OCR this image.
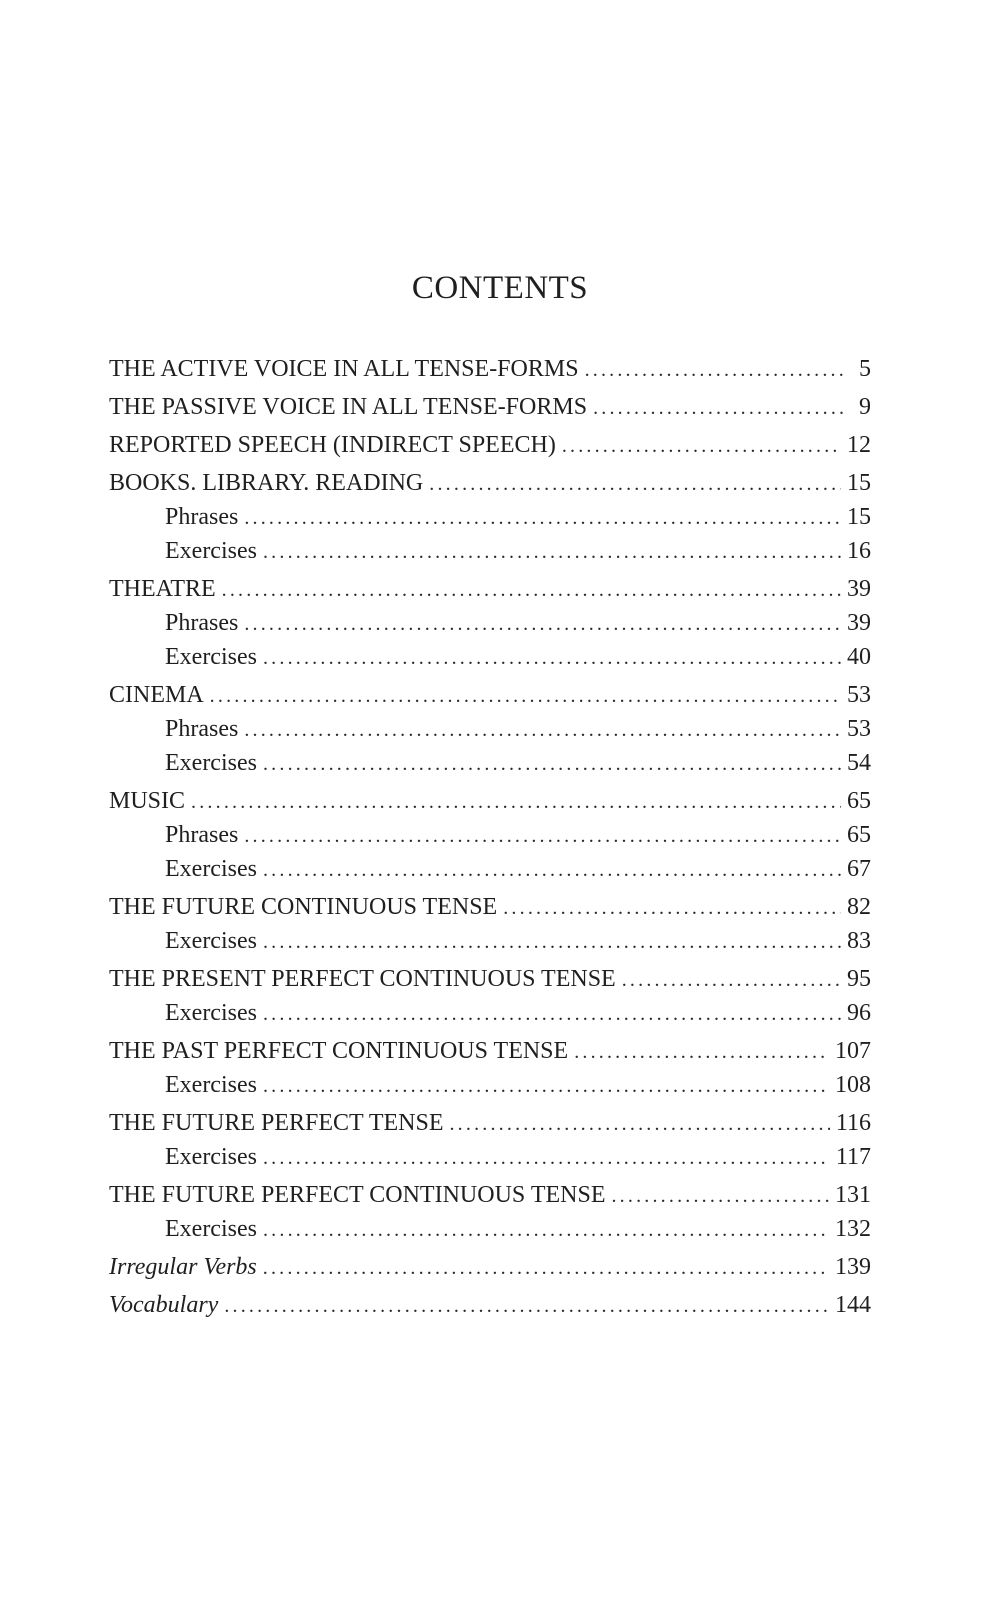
CONTENTS
THE ACTIVE VOICE IN ALL TENSE-FORMS .....	5
THE PASSIVE VOICE IN ALL TENSE-FORMS .....	9
REPORTED SPEECH (INDIRECT SPEECH) .....	12
BOOKS. LIBRARY. READING .....	15
Phrases .....	15
Exercises .....	16
THEATRE .....	39
Phrases .....	39
Exercises .....	40
CINEMA .....	53
Phrases .....	53
Exercises .....	54
MUSIC .....	65
Phrases .....	65
Exercises .....	67
THE FUTURE CONTINUOUS TENSE .....	82
Exercises .....	83
THE PRESENT PERFECT CONTINUOUS TENSE .....	95
Exercises .....	96
THE PAST PERFECT CONTINUOUS TENSE .....	107
Exercises .....	108
THE FUTURE PERFECT TENSE .....	116
Exercises .....	117
THE FUTURE PERFECT CONTINUOUS TENSE .....	131
Exercises .....	132
Irregular Verbs .....	139
Vocabulary .....	144
